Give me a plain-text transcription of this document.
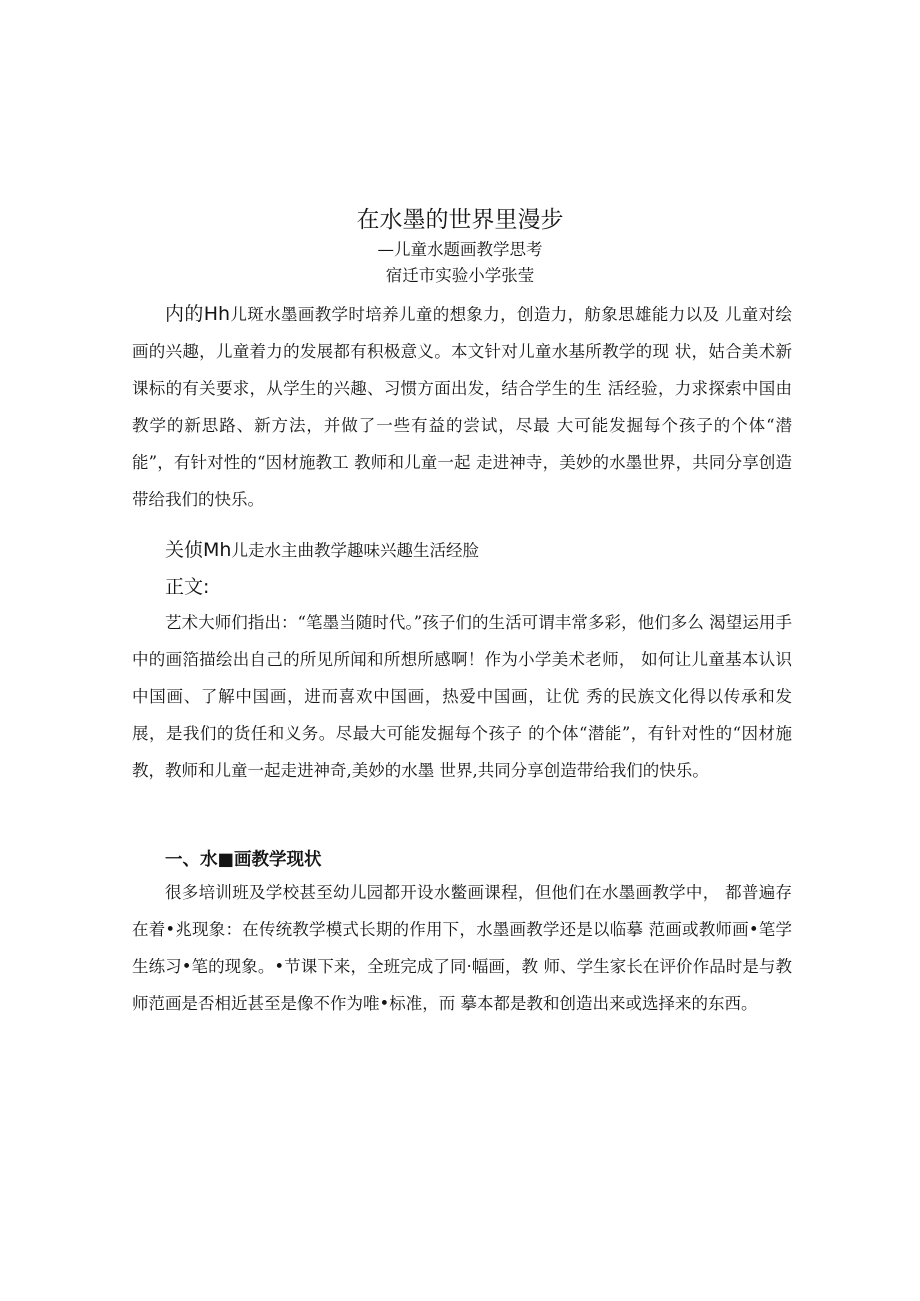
在水墨的世界里漫步
—儿童水题画教学思考
宿迁市实验小学张莹

内的Hh儿斑水墨画教学时培养儿童的想象力，创造力，舫象思雄能力以及 儿童对绘画的兴趣，儿童着力的发展都有积极意义。本文针对儿童水基所教学的现 状，姑合美术新课标的有关要求，从学生的兴趣、习惯方面出发，结合学生的生 活经验，力求探索中国由教学的新思路、新方法，并做了一些有益的尝试，尽最 大可能发掘每个孩子的个体“潜能”，有针对性的“因材施教工 教师和儿童一起 走进神寺，美妙的水墨世界，共同分享创造带给我们的快乐。

关侦Mh儿走水主曲教学趣味兴趣生活经脸
正文:

艺术大师们指出：“笔墨当随时代。”孩子们的生活可谓丰常多彩，他们多么 渴望运用手中的画箔描绘出自己的所见所闻和所想所感啊！作为小学美术老师， 如何让儿童基本认识中国画、了解中国画，进而喜欢中国画，热爱中国画，让优 秀的民族文化得以传承和发展，是我们的货任和义务。尽最大可能发掘每个孩子 的个体“潜能”，有针对性的“因材施教，教师和儿童一起走进神奇,美妙的水墨 世界,共同分享创造带给我们的快乐。

一、水■画教学现状

很多培训班及学校甚至幼儿园都开设水鳖画课程，但他们在水墨画教学中， 都普遍存在着•兆现象：在传统教学模式长期的作用下，水墨画教学还是以临摹 范画或教师画•笔学生练习•笔的现象。•节课下来，全班完成了同·幅画，教 师、学生家长在评价作品时是与教师范画是否相近甚至是像不作为唯•标准，而 摹本都是教和创造出来或选择来的东西。
